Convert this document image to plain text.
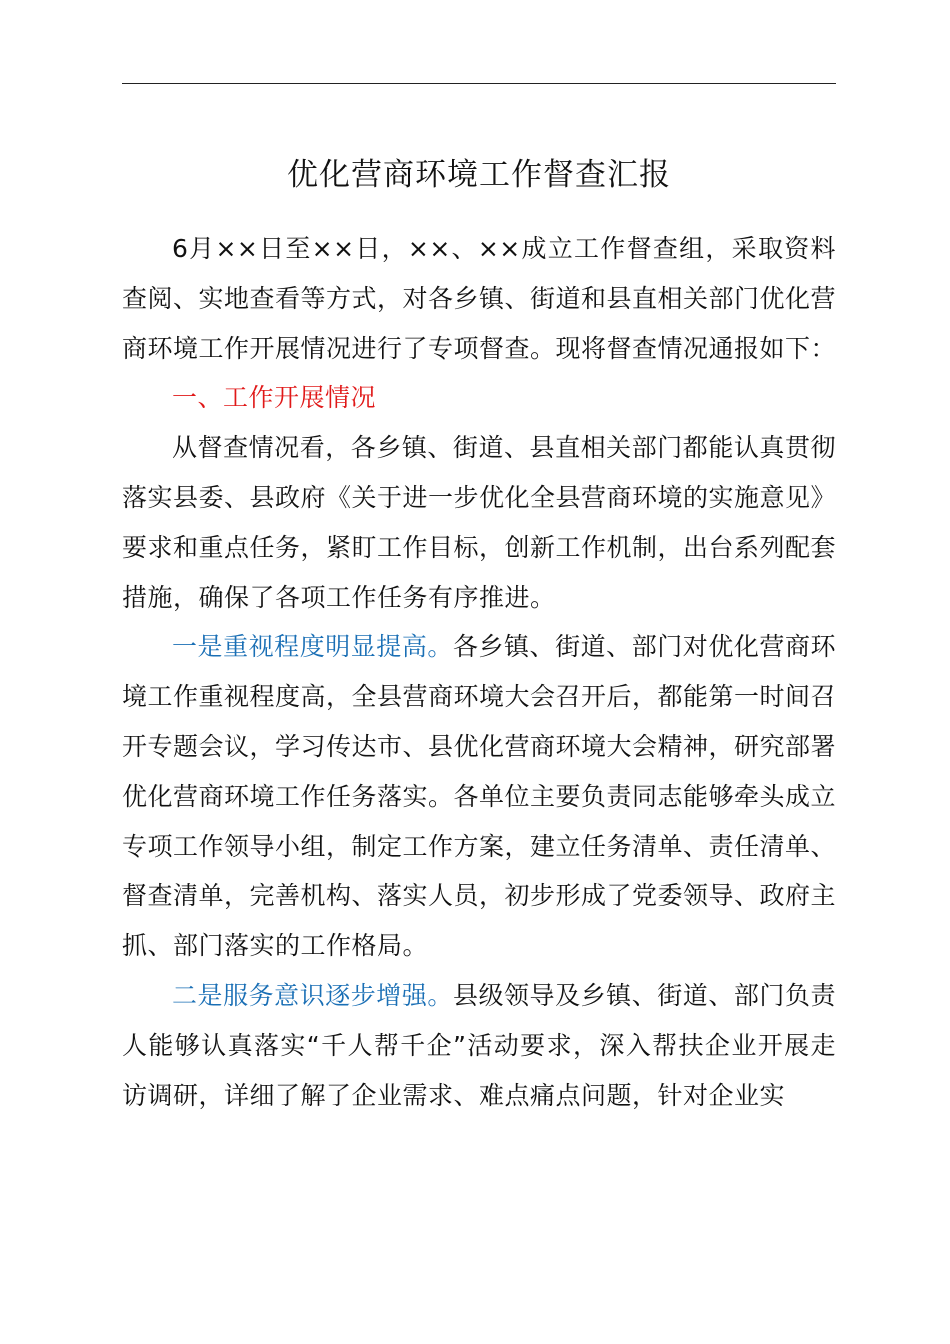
优化营商环境工作督查汇报

6月××日至××日，××、××成立工作督查组，采取资料查阅、实地查看等方式，对各乡镇、街道和县直相关部门优化营商环境工作开展情况进行了专项督查。现将督查情况通报如下：

一、工作开展情况

从督查情况看，各乡镇、街道、县直相关部门都能认真贯彻落实县委、县政府《关于进一步优化全县营商环境的实施意见》要求和重点任务，紧盯工作目标，创新工作机制，出台系列配套措施，确保了各项工作任务有序推进。

一是重视程度明显提高。各乡镇、街道、部门对优化营商环境工作重视程度高，全县营商环境大会召开后，都能第一时间召开专题会议，学习传达市、县优化营商环境大会精神，研究部署优化营商环境工作任务落实。各单位主要负责同志能够牵头成立专项工作领导小组，制定工作方案，建立任务清单、责任清单、督查清单，完善机构、落实人员，初步形成了党委领导、政府主抓、部门落实的工作格局。

二是服务意识逐步增强。县级领导及乡镇、街道、部门负责人能够认真落实“千人帮千企”活动要求，深入帮扶企业开展走访调研，详细了解了企业需求、难点痛点问题，针对企业实
